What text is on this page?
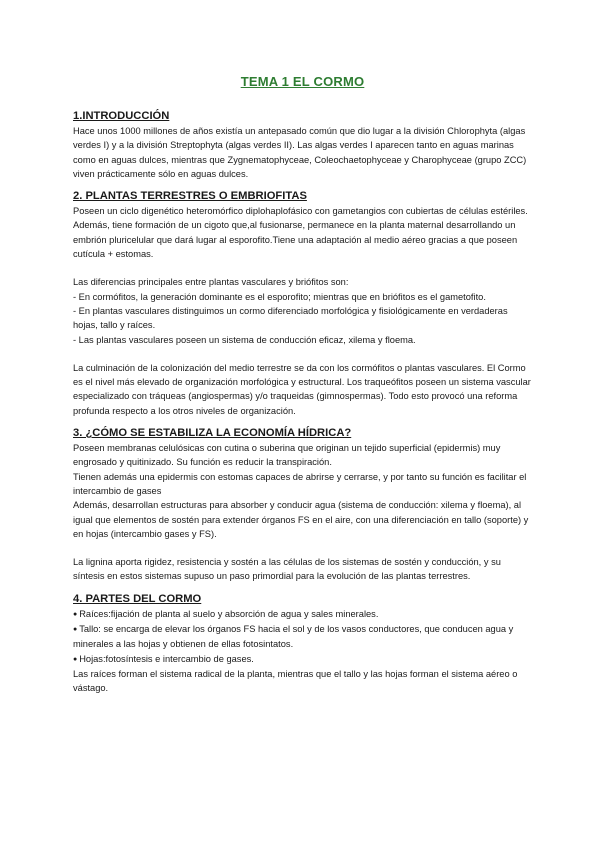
TEMA 1 EL CORMO
1.INTRODUCCIÓN

Hace unos 1000 millones de años existía un antepasado común que dio lugar a la división Chlorophyta (algas verdes I) y a la división Streptophyta (algas verdes II). Las algas verdes I aparecen tanto en aguas marinas como en aguas dulces, mientras que Zygnematophyceae, Coleochaetophyceae y Charophyceae (grupo ZCC) viven prácticamente sólo en aguas dulces.

2. PLANTAS TERRESTRES O EMBRIOFITAS

Poseen un ciclo digenético heteromórfico diplohaplofásico con gametangios con cubiertas de células estériles. Además, tiene formación de un cigoto que,al fusionarse, permanece en la planta maternal desarrollando un embrión pluricelular que dará lugar al esporofito.Tiene una adaptación al medio aéreo gracias a que poseen cutícula + estomas.

Las diferencias principales entre plantas vasculares y briófitos son:

- En cormófitos, la generación dominante es el esporofito; mientras que en briófitos es el gametofito.

- En plantas vasculares distinguimos un cormo diferenciado morfológica y fisiológicamente en verdaderas hojas, tallo y raíces.

- Las plantas vasculares poseen un sistema de conducción eficaz, xilema y floema.

La culminación de la colonización del medio terrestre se da con los cormófitos o plantas vasculares. El Cormo es el nivel más elevado de organización morfológica y estructural. Los traqueófitos poseen un sistema vascular especializado con tráqueas (angiospermas) y/o traqueidas (gimnospermas). Todo esto provocó una reforma profunda respecto a los otros niveles de organización.

3. ¿CÓMO SE ESTABILIZA LA ECONOMÍA HÍDRICA?

Poseen membranas celulósicas con cutina o suberina que originan un tejido superficial (epidermis) muy engrosado y quitinizado. Su función es reducir la transpiración.

Tienen además una epidermis con estomas capaces de abrirse y cerrarse, y por tanto su función es facilitar el intercambio de gases

Además, desarrollan estructuras para absorber y conducir agua (sistema de conducción: xilema y floema), al igual que elementos de sostén para extender órganos FS en el aire, con una diferenciación en tallo (soporte) y en hojas (intercambio gases y FS).

La lignina aporta rigidez, resistencia y sostén a las células de los sistemas de sostén y conducción, y su síntesis en estos sistemas supuso un paso primordial para la evolución de las plantas terrestres.

4. PARTES DEL CORMO

● Raíces:fijación de planta al suelo y absorción de agua y sales minerales.

● Tallo: se encarga de elevar los órganos FS hacia el sol y de los vasos conductores, que conducen agua y minerales a las hojas y obtienen de ellas fotosintatos.

● Hojas:fotosíntesis e intercambio de gases.

Las raíces forman el sistema radical de la planta, mientras que el tallo y las hojas forman el sistema aéreo o vástago.
